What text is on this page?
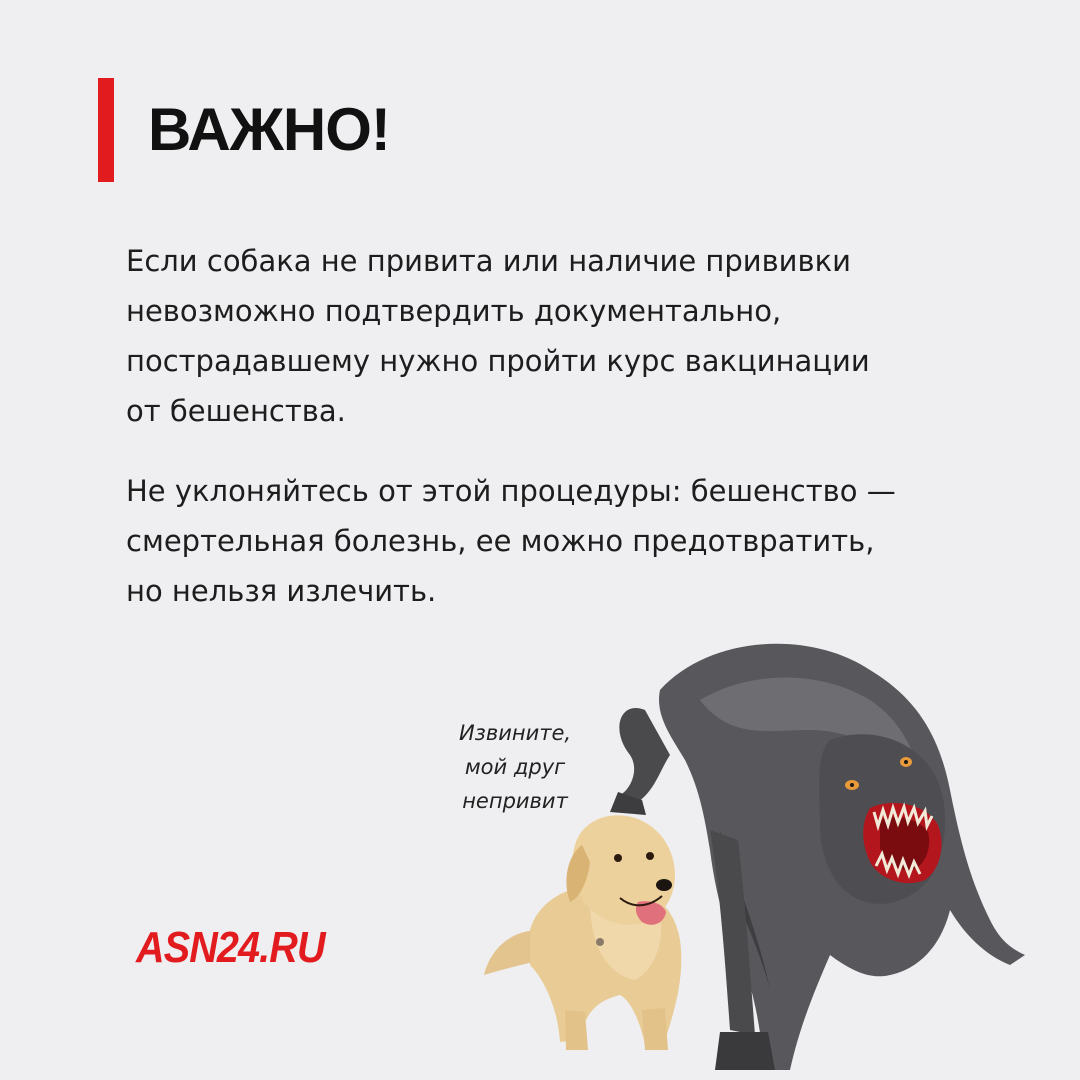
ВАЖНО!

Если собака не привита или наличие прививки
невозможно подтвердить документально,
пострадавшему нужно пройти курс вакцинации
от бешенства.

Не уклоняйтесь от этой процедуры: бешенство —
смертельная болезнь, ее можно предотвратить,
но нельзя излечить.

Извините,
мой друг
непривит
ASN24.RU
